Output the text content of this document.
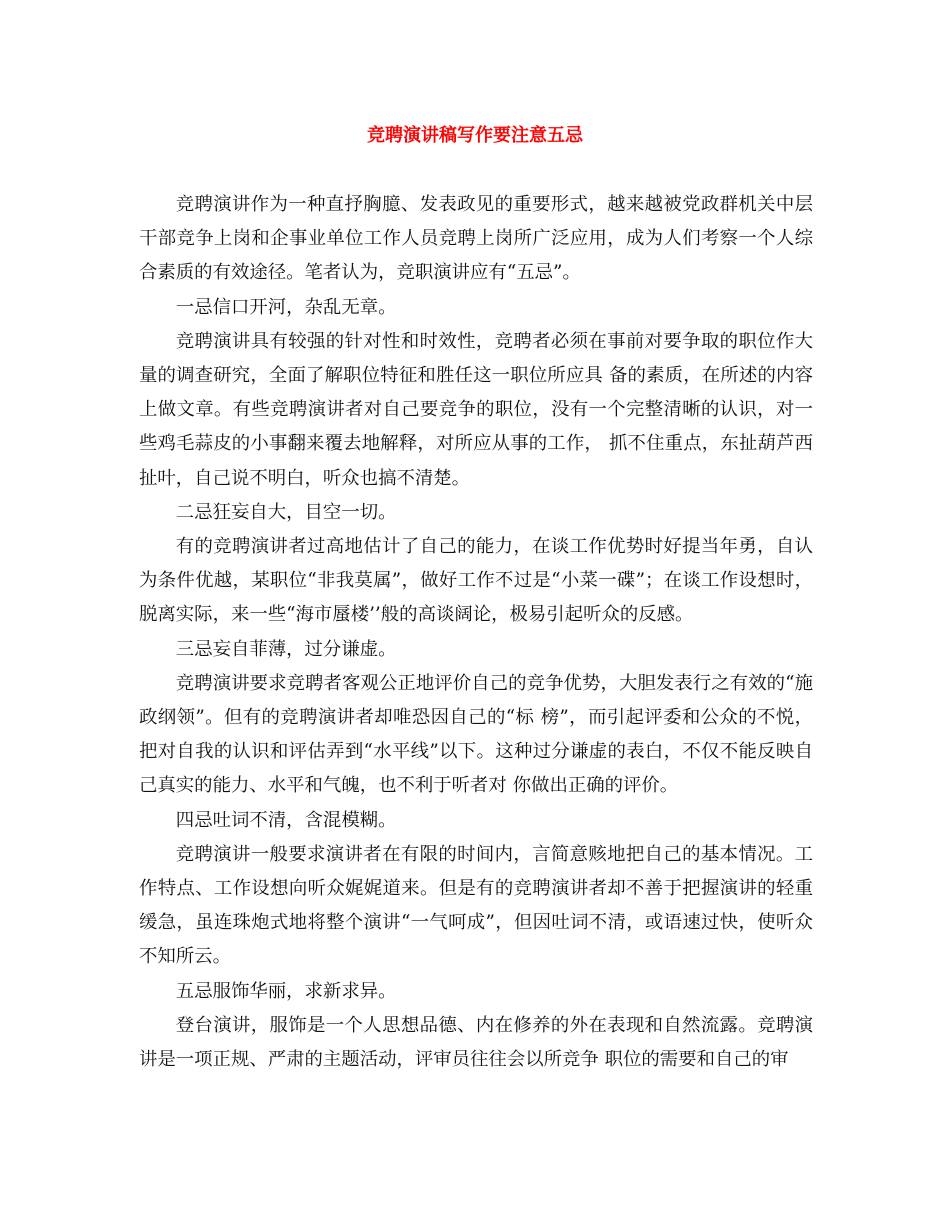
竞聘演讲稿写作要注意五忌

竞聘演讲作为一种直抒胸臆、发表政见的重要形式，越来越被党政群机关中层干部竞争上岗和企事业单位工作人员竞聘上岗所广泛应用，成为人们考察一个人综合素质的有效途径。笔者认为，竞职演讲应有“五忌”。

一忌信口开河，杂乱无章。

竞聘演讲具有较强的针对性和时效性，竞聘者必须在事前对要争取的职位作大量的调查研究，全面了解职位特征和胜任这一职位所应具 备的素质，在所述的内容上做文章。有些竞聘演讲者对自己要竞争的职位，没有一个完整清晰的认识，对一些鸡毛蒜皮的小事翻来覆去地解释，对所应从事的工作， 抓不住重点，东扯葫芦西扯叶，自己说不明白，听众也搞不清楚。

二忌狂妄自大，目空一切。

有的竞聘演讲者过高地估计了自己的能力，在谈工作优势时好提当年勇，自认为条件优越，某职位“非我莫属”，做好工作不过是“小菜一碟”；在谈工作设想时，脱离实际，来一些“海市蜃楼’’般的高谈阔论，极易引起听众的反感。

三忌妄自菲薄，过分谦虚。

竞聘演讲要求竞聘者客观公正地评价自己的竞争优势，大胆发表行之有效的“施政纲领”。但有的竞聘演讲者却唯恐因自己的“标 榜”，而引起评委和公众的不悦，把对自我的认识和评估弄到“水平线”以下。这种过分谦虚的表白，不仅不能反映自己真实的能力、水平和气魄，也不利于听者对 你做出正确的评价。

四忌吐词不清，含混模糊。

竞聘演讲一般要求演讲者在有限的时间内，言简意赅地把自己的基本情况。工作特点、工作设想向听众娓娓道来。但是有的竞聘演讲者却不善于把握演讲的轻重缓急，虽连珠炮式地将整个演讲“一气呵成”，但因吐词不清，或语速过快，使听众不知所云。

五忌服饰华丽，求新求异。

登台演讲，服饰是一个人思想品德、内在修养的外在表现和自然流露。竞聘演讲是一项正规、严肃的主题活动，评审员往往会以所竞争 职位的需要和自己的审
